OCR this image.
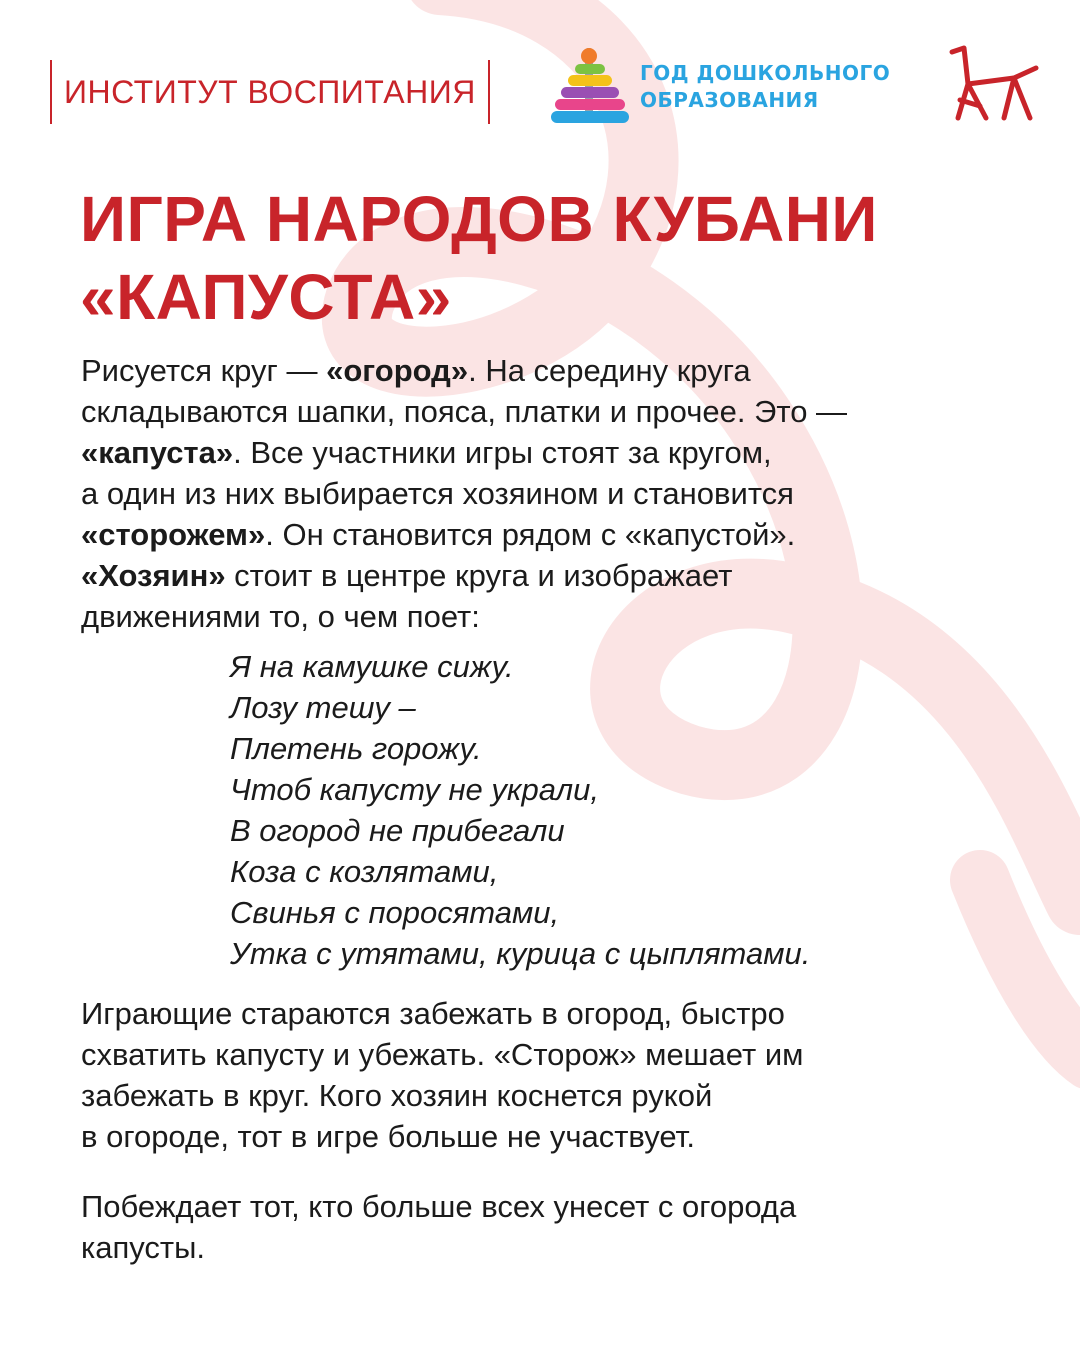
ИНСТИТУТ ВОСПИТАНИЯ
ГОД ДОШКОЛЬНОГО
ОБРАЗОВАНИЯ
ИГРА НАРОДОВ КУБАНИ
«КАПУСТА»
Рисуется круг — «огород». На середину круга
складываются шапки, пояса, платки и прочее. Это —
«капуста». Все участники игры стоят за кругом,
а один из них выбирается хозяином и становится
«сторожем». Он становится рядом с «капустой».
«Хозяин» стоит в центре круга и изображает
движениями то, о чем поет:
Я на камушке сижу.
Лозу тешу –
Плетень горожу.
Чтоб капусту не украли,
В огород не прибегали
Коза с козлятами,
Свинья с поросятами,
Утка с утятами, курица с цыплятами.
Играющие стараются забежать в огород, быстро
схватить капусту и убежать. «Сторож» мешает им
забежать в круг. Кого хозяин коснется рукой
в огороде, тот в игре больше не участвует.
Побеждает тот, кто больше всех унесет с огорода
капусты.
